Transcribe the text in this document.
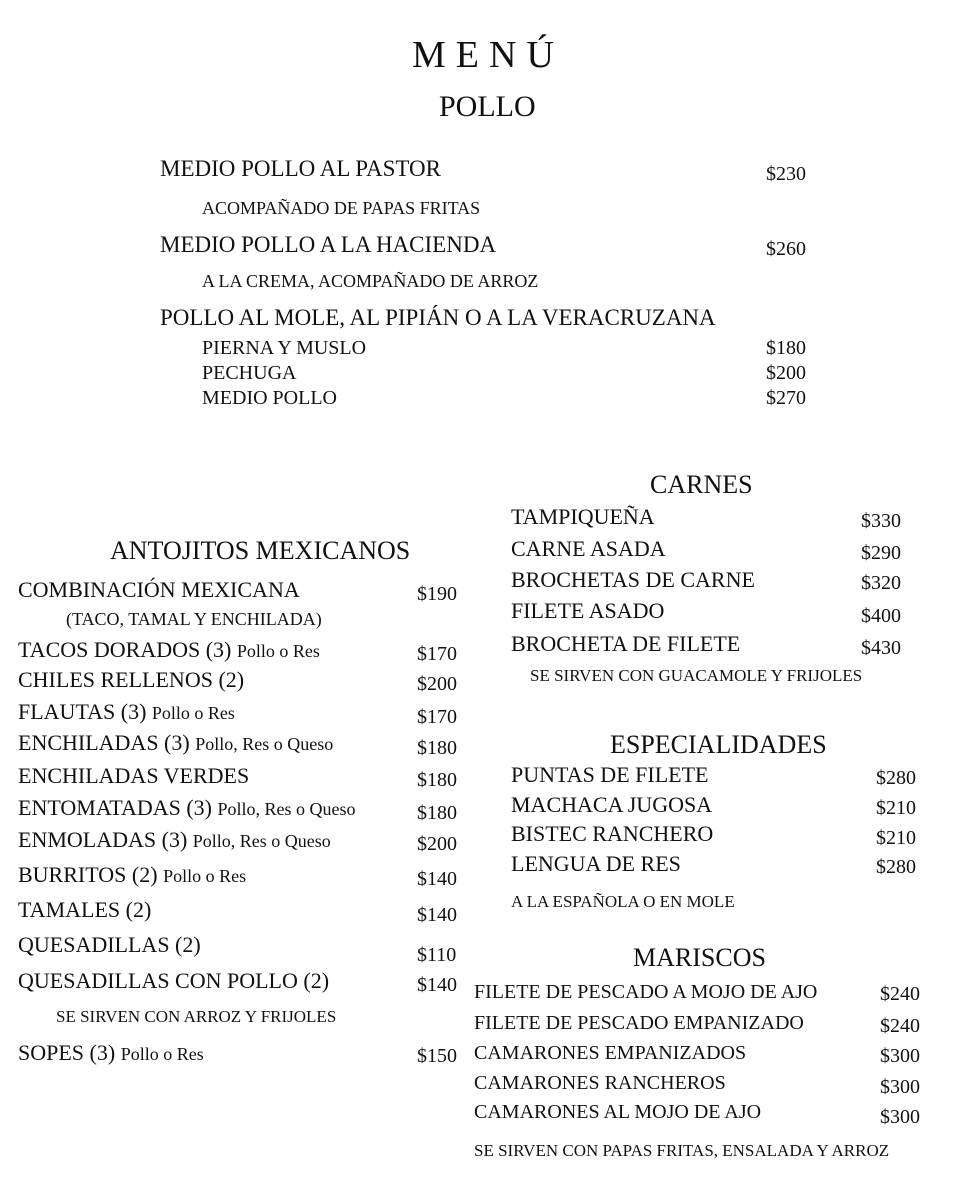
MENÚ
POLLO
MEDIO POLLO AL PASTOR	$230
ACOMPAÑADO DE PAPAS FRITAS
MEDIO POLLO A LA HACIENDA	$260
A LA CREMA, ACOMPAÑADO DE ARROZ
POLLO AL MOLE, AL PIPIÁN O A LA VERACRUZANA
PIERNA Y MUSLO	$180
PECHUGA	$200
MEDIO POLLO	$270
ANTOJITOS MEXICANOS
COMBINACIÓN MEXICANA	$190
(TACO, TAMAL Y ENCHILADA)
TACOS DORADOS (3) Pollo o Res	$170
CHILES RELLENOS (2)	$200
FLAUTAS (3) Pollo o Res	$170
ENCHILADAS (3) Pollo, Res o Queso	$180
ENCHILADAS VERDES	$180
ENTOMATADAS (3) Pollo, Res o Queso	$180
ENMOLADAS (3) Pollo, Res o Queso	$200
BURRITOS (2) Pollo o Res	$140
TAMALES (2)	$140
QUESADILLAS (2)	$110
QUESADILLAS CON POLLO (2)	$140
SE SIRVEN CON ARROZ Y FRIJOLES
SOPES (3) Pollo o Res	$150
CARNES
TAMPIQUEÑA	$330
CARNE ASADA	$290
BROCHETAS DE CARNE	$320
FILETE ASADO	$400
BROCHETA DE FILETE	$430
SE SIRVEN CON GUACAMOLE Y FRIJOLES
ESPECIALIDADES
PUNTAS DE FILETE	$280
MACHACA JUGOSA	$210
BISTEC RANCHERO	$210
LENGUA DE RES	$280
A LA ESPAÑOLA O EN MOLE
MARISCOS
FILETE DE PESCADO A MOJO DE AJO	$240
FILETE DE PESCADO EMPANIZADO	$240
CAMARONES EMPANIZADOS	$300
CAMARONES RANCHEROS	$300
CAMARONES AL MOJO DE AJO	$300
SE SIRVEN CON PAPAS FRITAS, ENSALADA Y ARROZ
